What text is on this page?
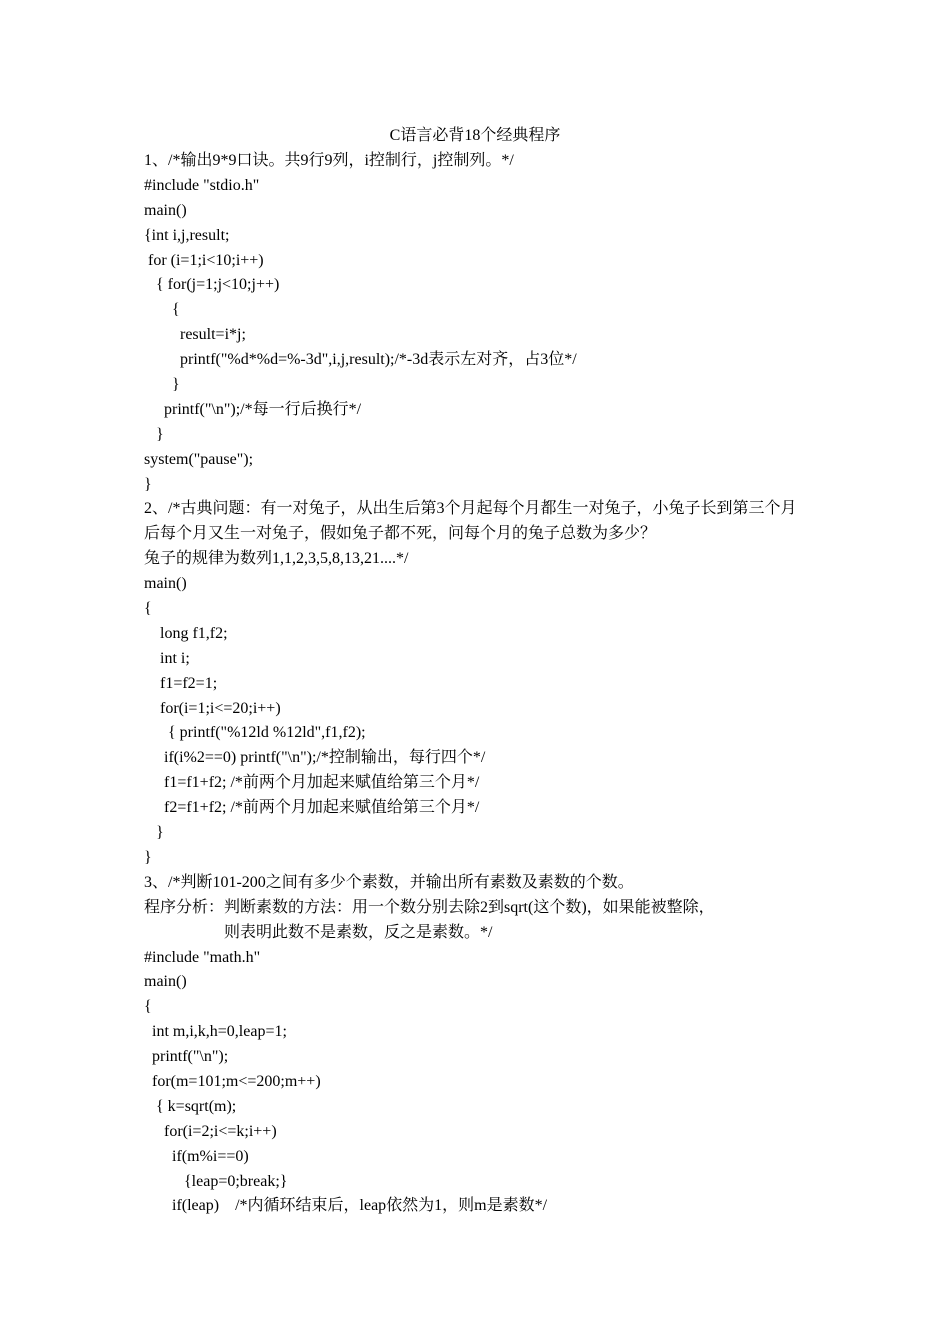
C语言必背18个经典程序
1、/*输出9*9口诀。共9行9列，i控制行，j控制列。*/
#include "stdio.h"
main()
{int i,j,result;
for (i=1;i<10;i++)
{ for(j=1;j<10;j++)
{
result=i*j;
printf("%d*%d=%-3d",i,j,result);/*-3d表示左对齐，占3位*/
}
printf("\n");/*每一行后换行*/
}
system("pause");
}
2、/*古典问题：有一对兔子，从出生后第3个月起每个月都生一对兔子，小兔子长到第三个月
后每个月又生一对兔子，假如兔子都不死，问每个月的兔子总数为多少？
兔子的规律为数列1,1,2,3,5,8,13,21....*/
main()
{
long f1,f2;
int i;
f1=f2=1;
for(i=1;i<=20;i++)
{ printf("%12ld %12ld",f1,f2);
if(i%2==0) printf("\n");/*控制输出，每行四个*/
f1=f1+f2; /*前两个月加起来赋值给第三个月*/
f2=f1+f2; /*前两个月加起来赋值给第三个月*/
}
}
3、/*判断101-200之间有多少个素数，并输出所有素数及素数的个数。
程序分析：判断素数的方法：用一个数分别去除2到sqrt(这个数)，如果能被整除，
则表明此数不是素数，反之是素数。*/
#include "math.h"
main()
{
int m,i,k,h=0,leap=1;
printf("\n");
for(m=101;m<=200;m++)
{ k=sqrt(m);
for(i=2;i<=k;i++)
if(m%i==0)
{leap=0;break;}
if(leap)    /*内循环结束后，leap依然为1，则m是素数*/
